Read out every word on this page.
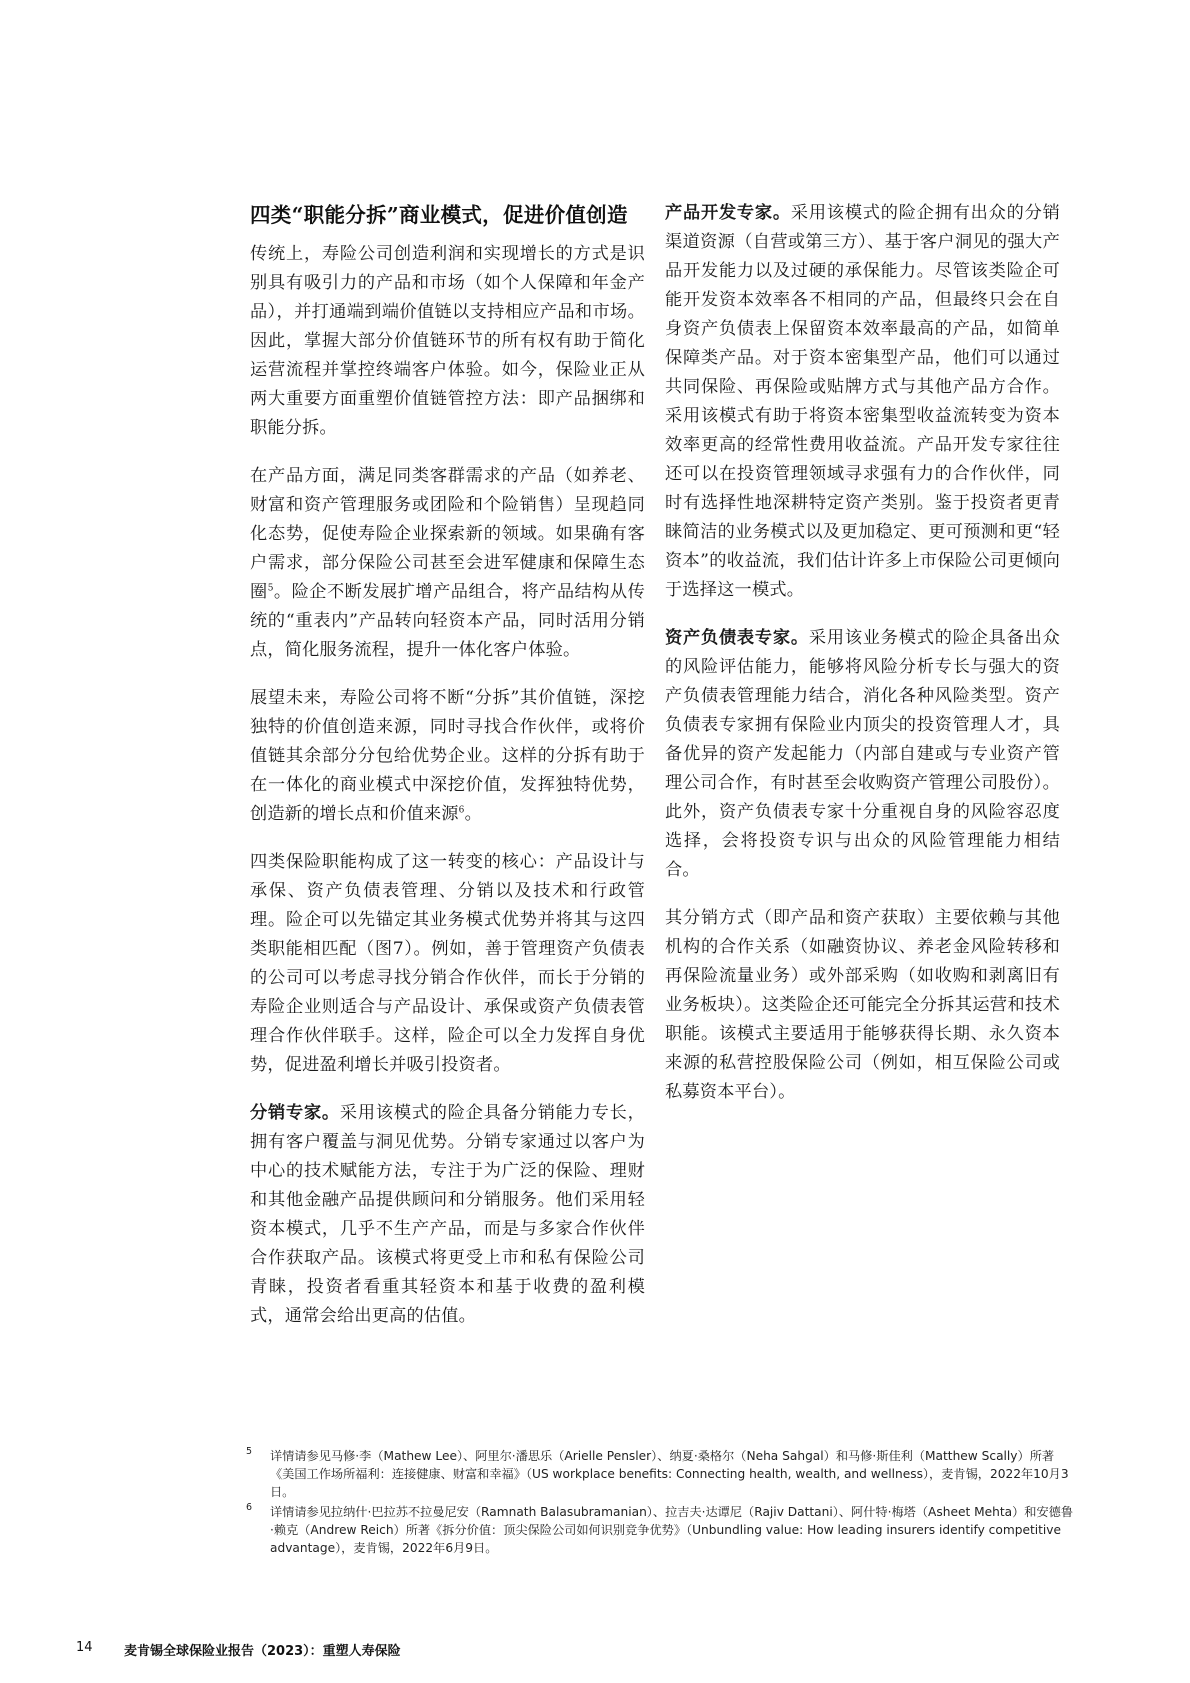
四类“职能分拆”商业模式，促进价值创造

传统上，寿险公司创造利润和实现增长的方式是识别具有吸引力的产品和市场（如个人保障和年金产品），并打通端到端价值链以支持相应产品和市场。因此，掌握大部分价值链环节的所有权有助于简化运营流程并掌控终端客户体验。如今，保险业正从两大重要方面重塑价值链管控方法：即产品捆绑和职能分拆。

在产品方面，满足同类客群需求的产品（如养老、财富和资产管理服务或团险和个险销售）呈现趋同化态势，促使寿险企业探索新的领域。如果确有客户需求，部分保险公司甚至会进军健康和保障生态圈$^5$。险企不断发展扩增产品组合，将产品结构从传统的“重表内”产品转向轻资本产品，同时活用分销点，简化服务流程，提升一体化客户体验。

展望未来，寿险公司将不断“分拆”其价值链，深挖独特的价值创造来源，同时寻找合作伙伴，或将价值链其余部分分包给优势企业。这样的分拆有助于在一体化的商业模式中深挖价值，发挥独特优势，创造新的增长点和价值来源$^6$。

四类保险职能构成了这一转变的核心：产品设计与承保、资产负债表管理、分销以及技术和行政管理。险企可以先锚定其业务模式优势并将其与这四类职能相匹配（图7）。例如，善于管理资产负债表的公司可以考虑寻找分销合作伙伴，而长于分销的寿险企业则适合与产品设计、承保或资产负债表管理合作伙伴联手。这样，险企可以全力发挥自身优势，促进盈利增长并吸引投资者。

分销专家。采用该模式的险企具备分销能力专长，拥有客户覆盖与洞见优势。分销专家通过以客户为中心的技术赋能方法，专注于为广泛的保险、理财和其他金融产品提供顾问和分销服务。他们采用轻资本模式，几乎不生产产品，而是与多家合作伙伴合作获取产品。该模式将更受上市和私有保险公司青睐，投资者看重其轻资本和基于收费的盈利模式，通常会给出更高的估值。

产品开发专家。采用该模式的险企拥有出众的分销渠道资源（自营或第三方）、基于客户洞见的强大产品开发能力以及过硬的承保能力。尽管该类险企可能开发资本效率各不相同的产品，但最终只会在自身资产负债表上保留资本效率最高的产品，如简单保障类产品。对于资本密集型产品，他们可以通过共同保险、再保险或贴牌方式与其他产品方合作。采用该模式有助于将资本密集型收益流转变为资本效率更高的经常性费用收益流。产品开发专家往往还可以在投资管理领域寻求强有力的合作伙伴，同时有选择性地深耕特定资产类别。鉴于投资者更青睐简洁的业务模式以及更加稳定、更可预测和更“轻资本”的收益流，我们估计许多上市保险公司更倾向于选择这一模式。

资产负债表专家。采用该业务模式的险企具备出众的风险评估能力，能够将风险分析专长与强大的资产负债表管理能力结合，消化各种风险类型。资产负债表专家拥有保险业内顶尖的投资管理人才，具备优异的资产发起能力（内部自建或与专业资产管理公司合作，有时甚至会收购资产管理公司股份）。此外，资产负债表专家十分重视自身的风险容忍度选择，会将投资专识与出众的风险管理能力相结合。

其分销方式（即产品和资产获取）主要依赖与其他机构的合作关系（如融资协议、养老金风险转移和再保险流量业务）或外部采购（如收购和剥离旧有业务板块）。这类险企还可能完全分拆其运营和技术职能。该模式主要适用于能够获得长期、永久资本来源的私营控股保险公司（例如，相互保险公司或私募资本平台）。

5 详情请参见马修·李（Mathew Lee）、阿里尔·潘思乐（Arielle Pensler）、纳夏·桑格尔（Neha Sahgal）和马修·斯佳利（Matthew Scally）所著《美国工作场所福利：连接健康、财富和幸福》（US workplace benefits: Connecting health, wealth, and wellness），麦肯锡，2022年10月3日。
6 详情请参见拉纳什·巴拉苏不拉曼尼安（Ramnath Balasubramanian）、拉吉夫·达谭尼（Rajiv Dattani）、阿什特·梅塔（Asheet Mehta）和安德鲁·赖克（Andrew Reich）所著《拆分价值：顶尖保险公司如何识别竞争优势》（Unbundling value: How leading insurers identify competitive advantage），麦肯锡，2022年6月9日。
14 麦肯锡全球保险业报告（2023）：重塑人寿保险
